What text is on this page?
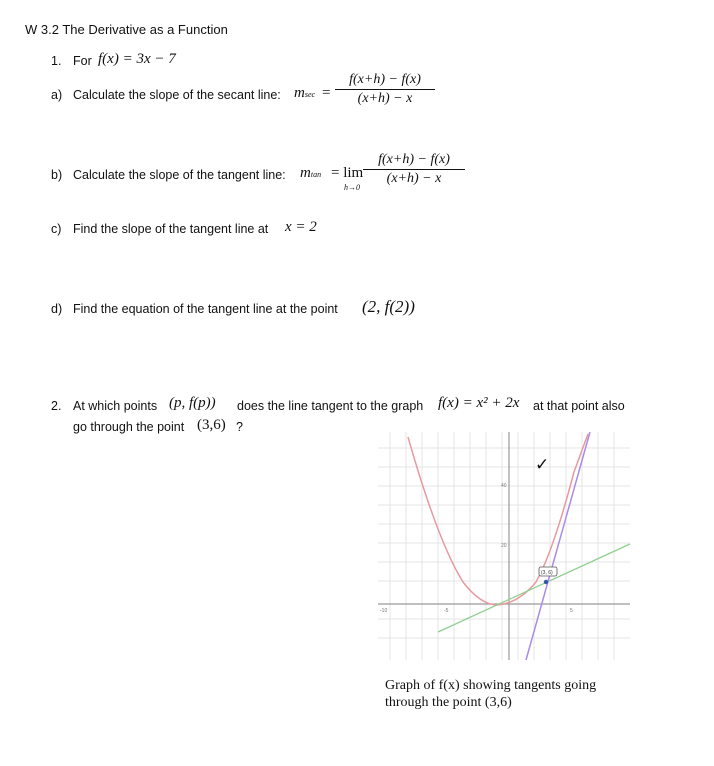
W 3.2 The Derivative as a Function
1. For f(x) = 3x − 7
a) Calculate the slope of the secant line: msec =
f(x+h) − f(x)
(x+h) − x
b) Calculate the slope of the tangent line: mtan = lim
h→0
f(x+h) − f(x)
(x+h) − x
c) Find the slope of the tangent line at x = 2
d) Find the equation of the tangent line at the point (2, f(2))
2. At which points (p, f(p)) does the line tangent to the graph f(x) = x² + 2x at that point also
go through the point (3,6) ?
-10	-5	5
40
20
(3, 6)
✓
Graph of f(x) showing tangents going
through the point (3,6)
